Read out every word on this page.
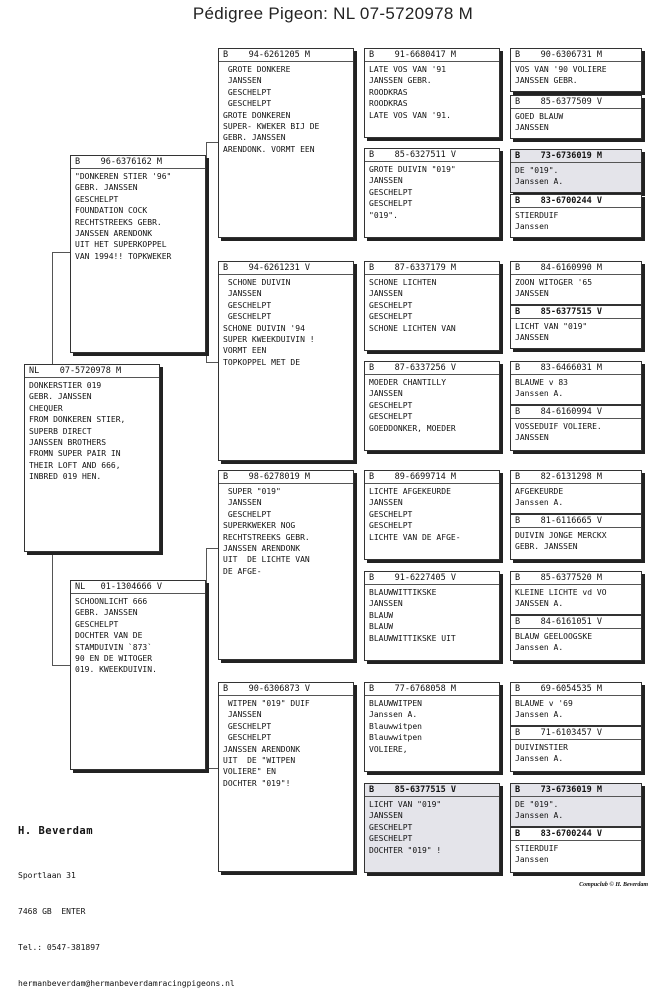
Pédigree Pigeon: NL 07-5720978 M
NL    07-5720978 M
DONKERSTIER 019
GEBR. JANSSEN
CHEQUER
FROM DONKEREN STIER,
SUPERB DIRECT
JANSSEN BROTHERS
FROMN SUPER PAIR IN
THEIR LOFT AND 666,
INBRED 019 HEN.
B    96-6376162 M
"DONKEREN STIER '96"
GEBR. JANSSEN
GESCHELPT
FOUNDATION COCK
RECHTSTREEKS GEBR.
JANSSEN ARENDONK
UIT HET SUPERKOPPEL
VAN 1994!! TOPKWEKER
NL   01-1304666 V
SCHOONLICHT 666
GEBR. JANSSEN
GESCHELPT
DOCHTER VAN DE
STAMDUIVIN `873`
90 EN DE WITOGER
019. KWEEKDUIVIN.
B    94-6261205 M
GROTE DONKERE
JANSSEN
GESCHELPT
GESCHELPT
GROTE DONKEREN
SUPER- KWEKER BIJ DE
GEBR. JANSSEN
ARENDONK. VORMT EEN
B    94-6261231 V
SCHONE DUIVIN
JANSSEN
GESCHELPT
GESCHELPT
SCHONE DUIVIN '94
SUPER KWEEKDUIVIN !
VORMT EEN
TOPKOPPEL MET DE
B    98-6278019 M
SUPER "019"
JANSSEN
GESCHELPT
SUPERKWEKER NOG
RECHTSTREEKS GEBR.
JANSSEN ARENDONK
UIT  DE LICHTE VAN
DE AFGE-
B    90-6306873 V
WITPEN "019" DUIF
JANSSEN
GESCHELPT
GESCHELPT
JANSSEN ARENDONK
UIT  DE "WITPEN
VOLIERE" EN
DOCHTER "019"!
B    91-6680417 M
LATE VOS VAN '91
JANSSEN GEBR.
ROODKRAS
ROODKRAS
LATE VOS VAN '91.
B    85-6327511 V
GROTE DUIVIN "019"
JANSSEN
GESCHELPT
GESCHELPT
"019".
B    87-6337179 M
SCHONE LICHTEN
JANSSEN
GESCHELPT
GESCHELPT
SCHONE LICHTEN VAN
B    87-6337256 V
MOEDER CHANTILLY
JANSSEN
GESCHELPT
GESCHELPT
GOEDDONKER, MOEDER
B    89-6699714 M
LICHTE AFGEKEURDE
JANSSEN
GESCHELPT
GESCHELPT
LICHTE VAN DE AFGE-
B    91-6227405 V
BLAUWWITTIKSKE
JANSSEN
BLAUW
BLAUW
BLAUWWITTIKSKE UIT
B    77-6768058 M
BLAUWWITPEN
Janssen A.
Blauwwitpen
Blauwwitpen
VOLIERE,
B    85-6377515 V
LICHT VAN "019"
JANSSEN
GESCHELPT
GESCHELPT
DOCHTER "019" !
B    90-6306731 M
VOS VAN '90 VOLIERE
JANSSEN GEBR.
B    85-6377509 V
GOED BLAUW
JANSSEN
B    73-6736019 M
DE "019".
Janssen A.
B    83-6700244 V
STIERDUIF
Janssen
B    84-6160990 M
ZOON WITOGER '65
JANSSEN
B    85-6377515 V
LICHT VAN "019"
JANSSEN
B    83-6466031 M
BLAUWE v 83
Janssen A.
B    84-6160994 V
VOSSEDUIF VOLIERE.
JANSSEN
B    82-6131298 M
AFGEKEURDE
Janssen A.
B    81-6116665 V
DUIVIN JONGE MERCKX
GEBR. JANSSEN
B    85-6377520 M
KLEINE LICHTE vd VO
JANSSEN A.
B    84-6161051 V
BLAUW GEELOOGSKE
Janssen A.
B    69-6054535 M
BLAUWE v '69
Janssen A.
B    71-6103457 V
DUIVINSTIER
Janssen A.
B    73-6736019 M
DE "019".
Janssen A.
B    83-6700244 V
STIERDUIF
Janssen

H. Beverdam

Sportlaan 31

7468 GB  ENTER

Tel.: 0547-381897

hermanbeverdam@hermanbeverdamracingpigeons.nl

Compuclub © H. Beverdam
